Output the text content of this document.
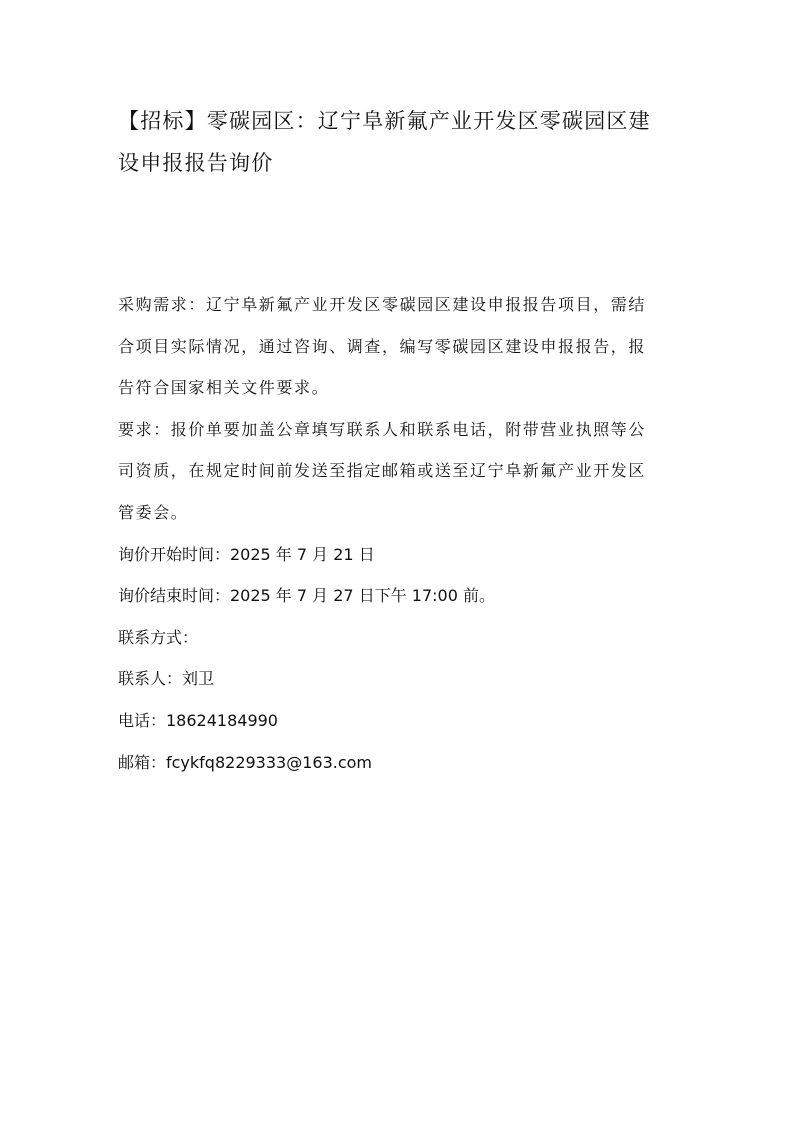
【招标】零碳园区：辽宁阜新氟产业开发区零碳园区建
设申报报告询价
采购需求：辽宁阜新氟产业开发区零碳园区建设申报报告项目，需结
合项目实际情况，通过咨询、调查，编写零碳园区建设申报报告，报
告符合国家相关文件要求。
要求：报价单要加盖公章填写联系人和联系电话，附带营业执照等公
司资质，在规定时间前发送至指定邮箱或送至辽宁阜新氟产业开发区
管委会。
询价开始时间：2025 年 7 月 21 日
询价结束时间：2025 年 7 月 27 日下午 17:00 前。
联系方式：
联系人：刘卫
电话：18624184990
邮箱：fcykfq8229333@163.com
